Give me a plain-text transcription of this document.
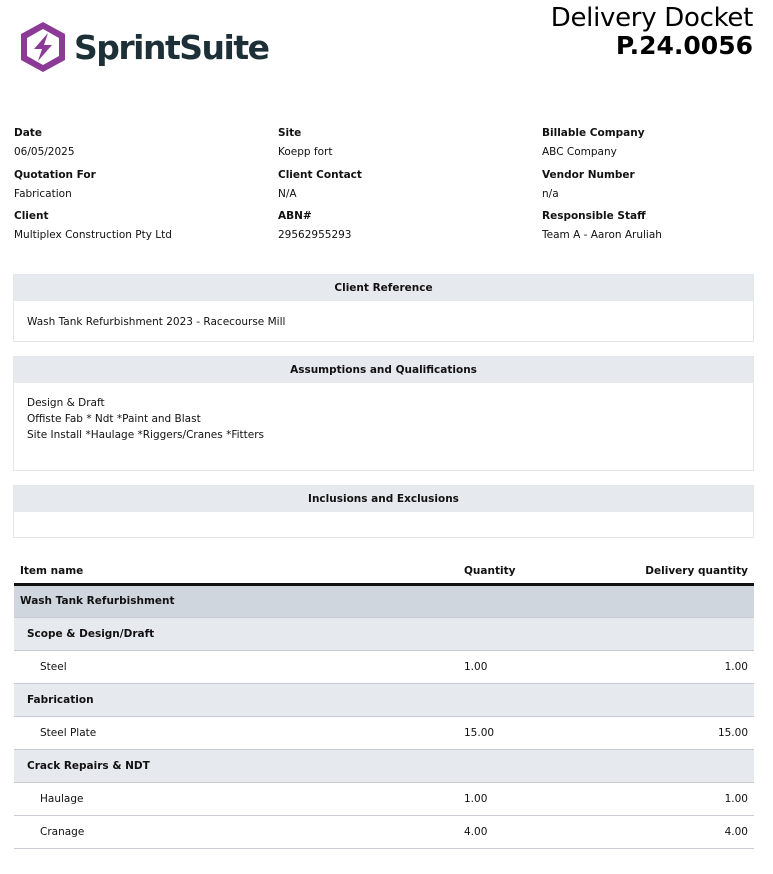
SprintSuite
Delivery Docket
P.24.0056
Date
06/05/2025
Site
Koepp fort
Billable Company
ABC Company
Quotation For
Fabrication
Client Contact
N/A
Vendor Number
n/a
Client
Multiplex Construction Pty Ltd
ABN#
29562955293
Responsible Staff
Team A - Aaron Aruliah
Client Reference
Wash Tank Refurbishment 2023 - Racecourse Mill
Assumptions and Qualifications
Design & Draft
Offiste Fab * Ndt *Paint and Blast
Site Install *Haulage *Riggers/Cranes *Fitters
Inclusions and Exclusions
Item name	Quantity	Delivery quantity
Wash Tank Refurbishment		
Scope & Design/Draft		
Steel	1.00	1.00
Fabrication		
Steel Plate	15.00	15.00
Crack Repairs & NDT		
Haulage	1.00	1.00
Cranage	4.00	4.00
